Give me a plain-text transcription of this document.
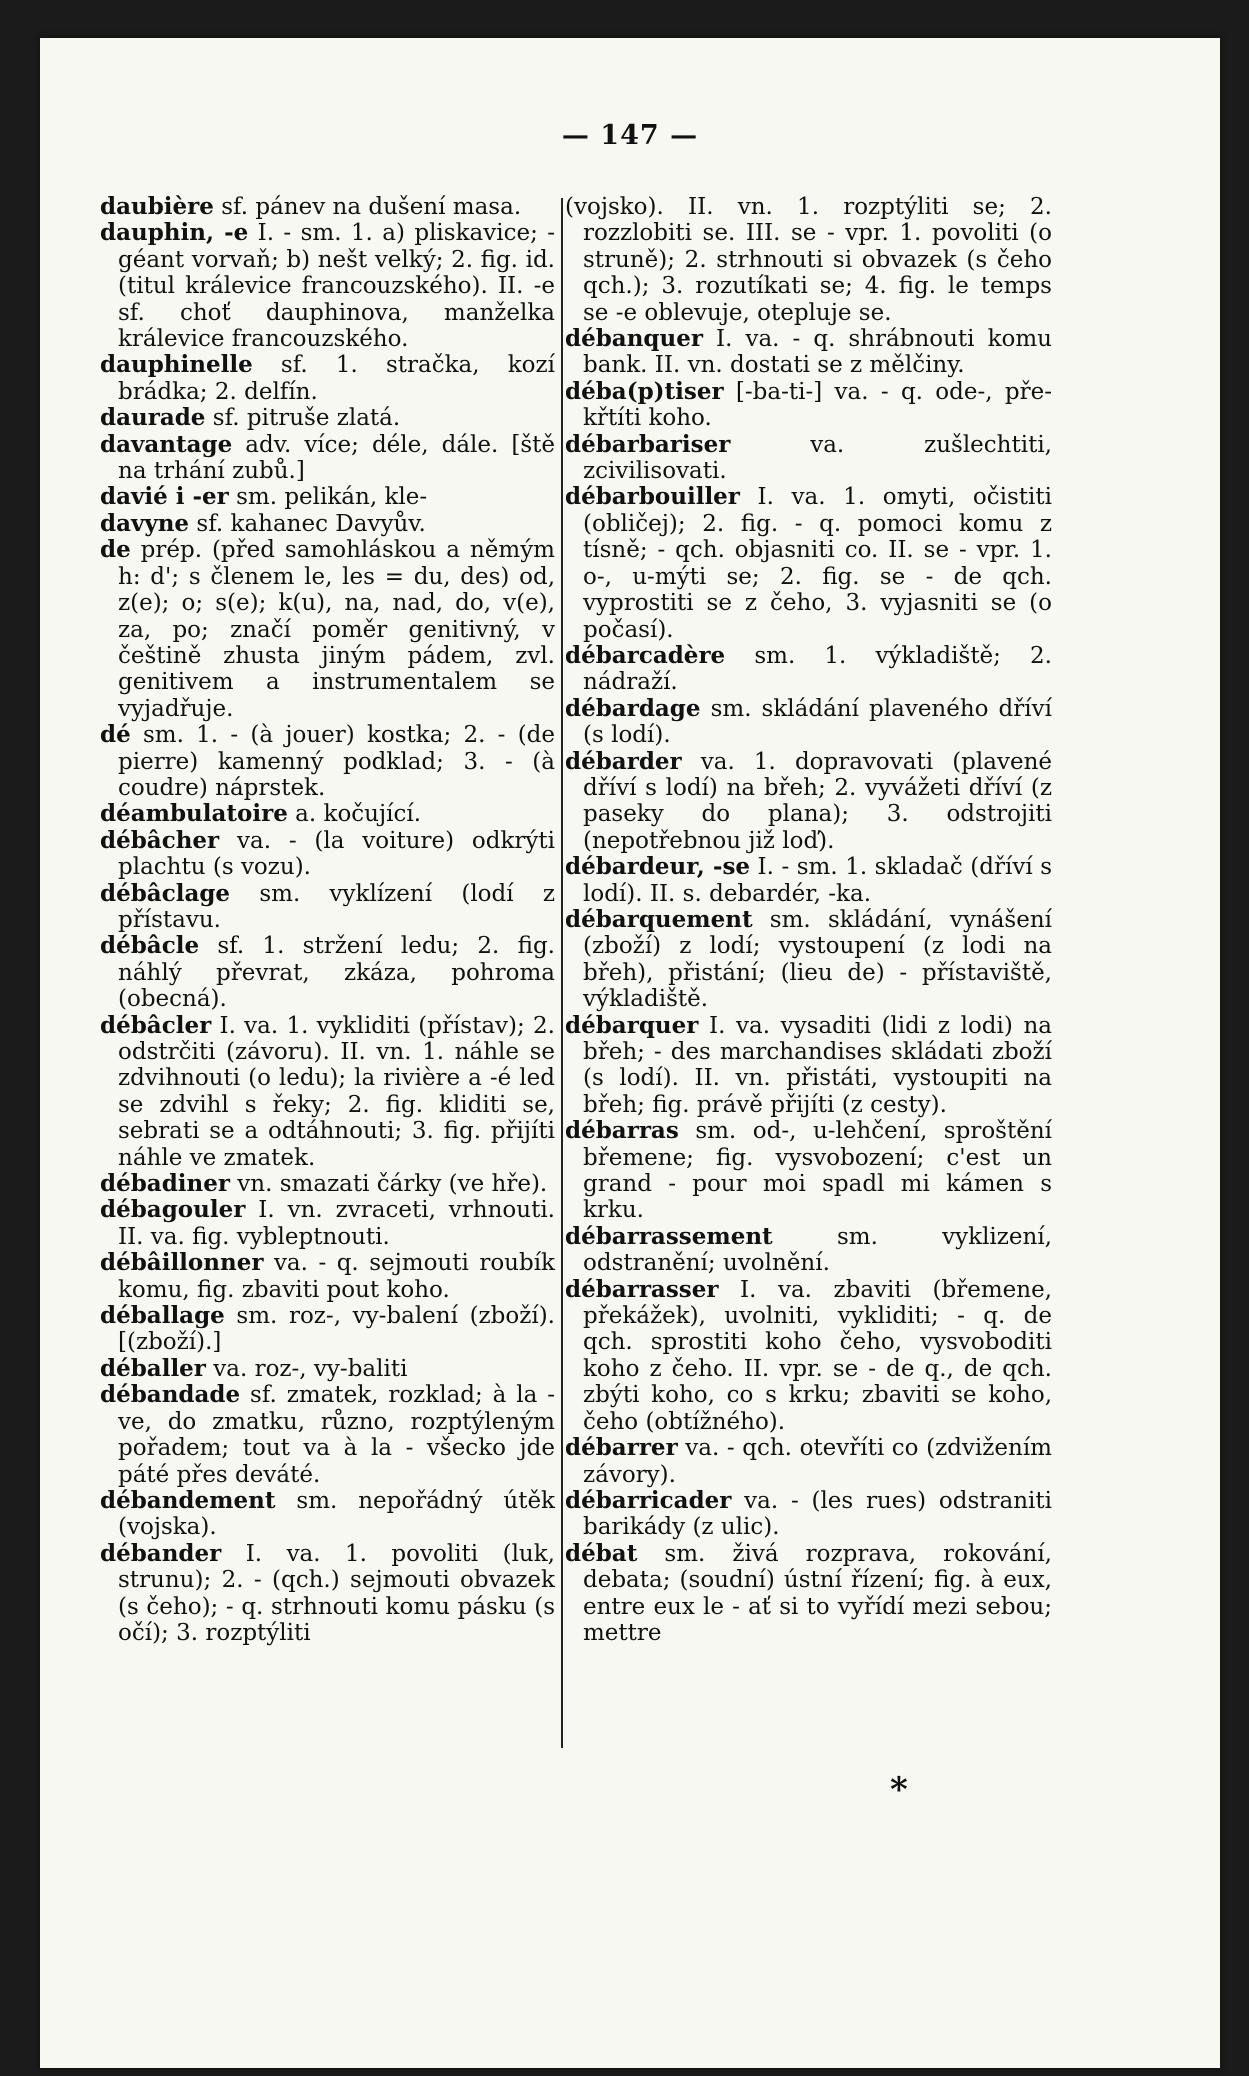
— 147 —

daubière sf. pánev na dušení masa.

dauphin, -e I. - sm. 1. a) pliskavice; - géant vorvaň; b) nešt velký; 2. fig. id. (titul králevice francouzského). II. -e sf. choť dauphinova, manželka králevice francouzského.

dauphinelle sf. 1. stračka, kozí brádka; 2. delfín.

daurade sf. pitruše zlatá.

davantage adv. více; déle, dále. [ště na trhání zubů.]

davié i -er sm. pelikán, kle-

davyne sf. kahanec Davyův.

de prép. (před samohláskou a němým h: d'; s členem le, les = du, des) od, z(e); o; s(e); k(u), na, nad, do, v(e), za, po; značí poměr genitivný, v češtině zhusta jiným pádem, zvl. genitivem a instrumentalem se vyjadřuje.

dé sm. 1. - (à jouer) kostka; 2. - (de pierre) kamenný podklad; 3. - (à coudre) náprstek.

déambulatoire a. kočující.

débâcher va. - (la voiture) odkrýti plachtu (s vozu).

débâclage sm. vyklízení (lodí z přístavu.

débâcle sf. 1. stržení ledu; 2. fig. náhlý převrat, zkáza, pohroma (obecná).

débâcler I. va. 1. vykliditi (přístav); 2. odstrčiti (závoru). II. vn. 1. náhle se zdvihnouti (o ledu); la rivière a -é led se zdvihl s řeky; 2. fig. kliditi se, sebrati se a odtáhnouti; 3. fig. přijíti náhle ve zmatek.

débadiner vn. smazati čárky (ve hře).

débagouler I. vn. zvraceti, vrhnouti. II. va. fig. vybleptnouti.

débâillonner va. - q. sejmouti roubík komu, fig. zbaviti pout koho.

déballage sm. roz-, vy-balení (zboží). [(zboží).]

déballer va. roz-, vy-baliti

débandade sf. zmatek, rozklad; à la - ve, do zmatku, různo, rozptýleným pořadem; tout va à la - všecko jde páté přes deváté.

débandement sm. nepořádný útěk (vojska).

débander I. va. 1. povoliti (luk, strunu); 2. - (qch.) sejmouti obvazek (s čeho); - q. strhnouti komu pásku (s očí); 3. rozptýliti

(vojsko). II. vn. 1. rozptýliti se; 2. rozzlobiti se. III. se - vpr. 1. povoliti (o struně); 2. strhnouti si obvazek (s čeho qch.); 3. rozutíkati se; 4. fig. le temps se -e oblevuje, otepluje se.

débanquer I. va. - q. shrábnouti komu bank. II. vn. dostati se z mělčiny.

déba(p)tiser [-ba-ti-] va. - q. ode-, pře-křtíti koho.

débarbariser va. zušlechtiti, zcivilisovati.

débarbouiller I. va. 1. omyti, očistiti (obličej); 2. fig. - q. pomoci komu z tísně; - qch. objasniti co. II. se - vpr. 1. o-, u-mýti se; 2. fig. se - de qch. vyprostiti se z čeho, 3. vyjasniti se (o počasí).

débarcadère sm. 1. výkladiště; 2. nádraží.

débardage sm. skládání plaveného dříví (s lodí).

débarder va. 1. dopravovati (plavené dříví s lodí) na břeh; 2. vyvážeti dříví (z paseky do plana); 3. odstrojiti (nepotřebnou již loď).

débardeur, -se I. - sm. 1. skladač (dříví s lodí). II. s. debardér, -ka.

débarquement sm. skládání, vynášení (zboží) z lodí; vystoupení (z lodi na břeh), přistání; (lieu de) - přístaviště, výkladiště.

débarquer I. va. vysaditi (lidi z lodi) na břeh; - des marchandises skládati zboží (s lodí). II. vn. přistáti, vystoupiti na břeh; fig. právě přijíti (z cesty).

débarras sm. od-, u-lehčení, sproštění břemene; fig. vysvobození; c'est un grand - pour moi spadl mi kámen s krku.

débarrassement sm. vyklizení, odstranění; uvolnění.

débarrasser I. va. zbaviti (břemene, překážek), uvolniti, vykliditi; - q. de qch. sprostiti koho čeho, vysvoboditi koho z čeho. II. vpr. se - de q., de qch. zbýti koho, co s krku; zbaviti se koho, čeho (obtížného).

débarrer va. - qch. otevříti co (zdvižením závory).

débarricader va. - (les rues) odstraniti barikády (z ulic).

débat sm. živá rozprava, rokování, debata; (soudní) ústní řízení; fig. à eux, entre eux le - ať si to vyřídí mezi sebou; mettre

*
